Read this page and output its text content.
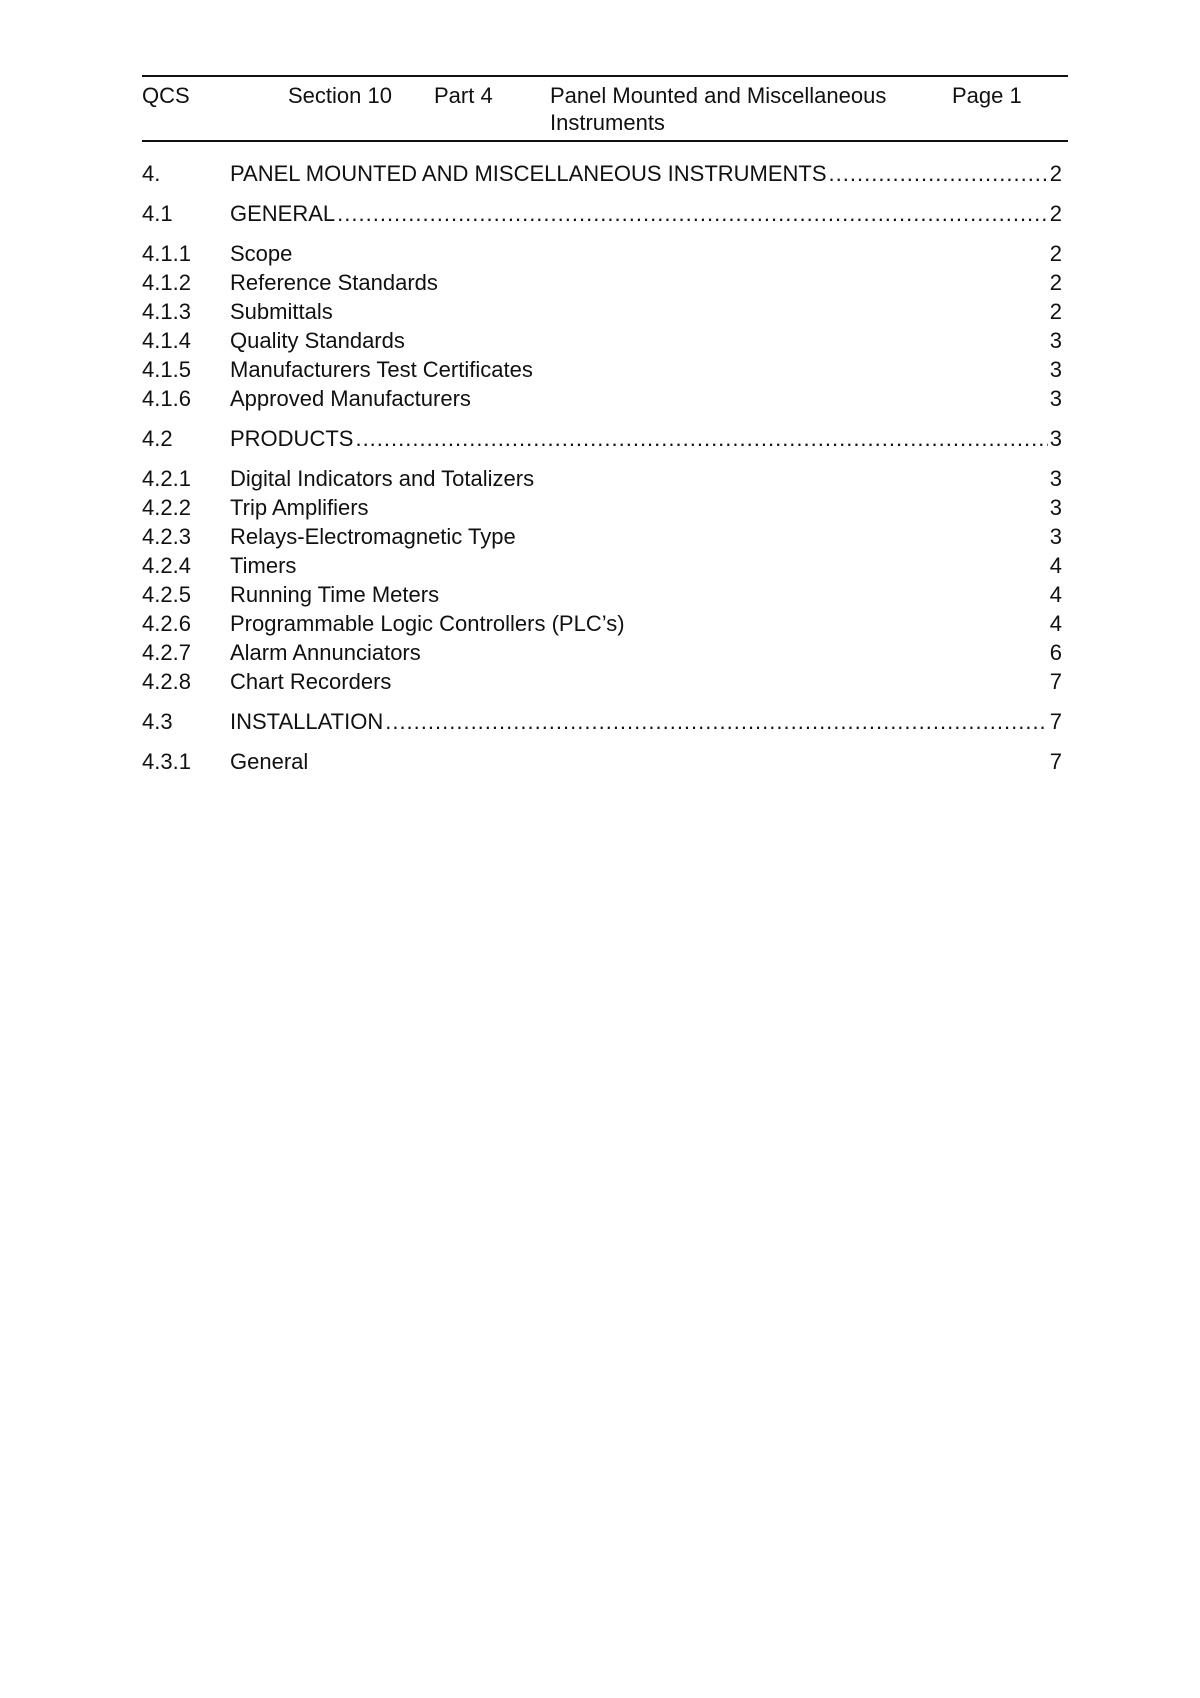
QCS	Section 10 Part 4	Panel Mounted and Miscellaneous Instruments
Page 1
4.	PANEL MOUNTED AND MISCELLANEOUS INSTRUMENTS .....	2
4.1	GENERAL .....	2
4.1.1 Scope	2
4.1.2 Reference Standards	2
4.1.3 Submittals	2
4.1.4 Quality Standards	3
4.1.5 Manufacturers Test Certificates	3
4.1.6 Approved Manufacturers	3
4.2	PRODUCTS .....	3
4.2.1 Digital Indicators and Totalizers	3
4.2.2 Trip Amplifiers	3
4.2.3 Relays-Electromagnetic Type	3
4.2.4 Timers	4
4.2.5 Running Time Meters	4
4.2.6 Programmable Logic Controllers (PLC’s)	4
4.2.7 Alarm Annunciators	6
4.2.8 Chart Recorders	7
4.3	INSTALLATION .....	7
4.3.1 General	7
